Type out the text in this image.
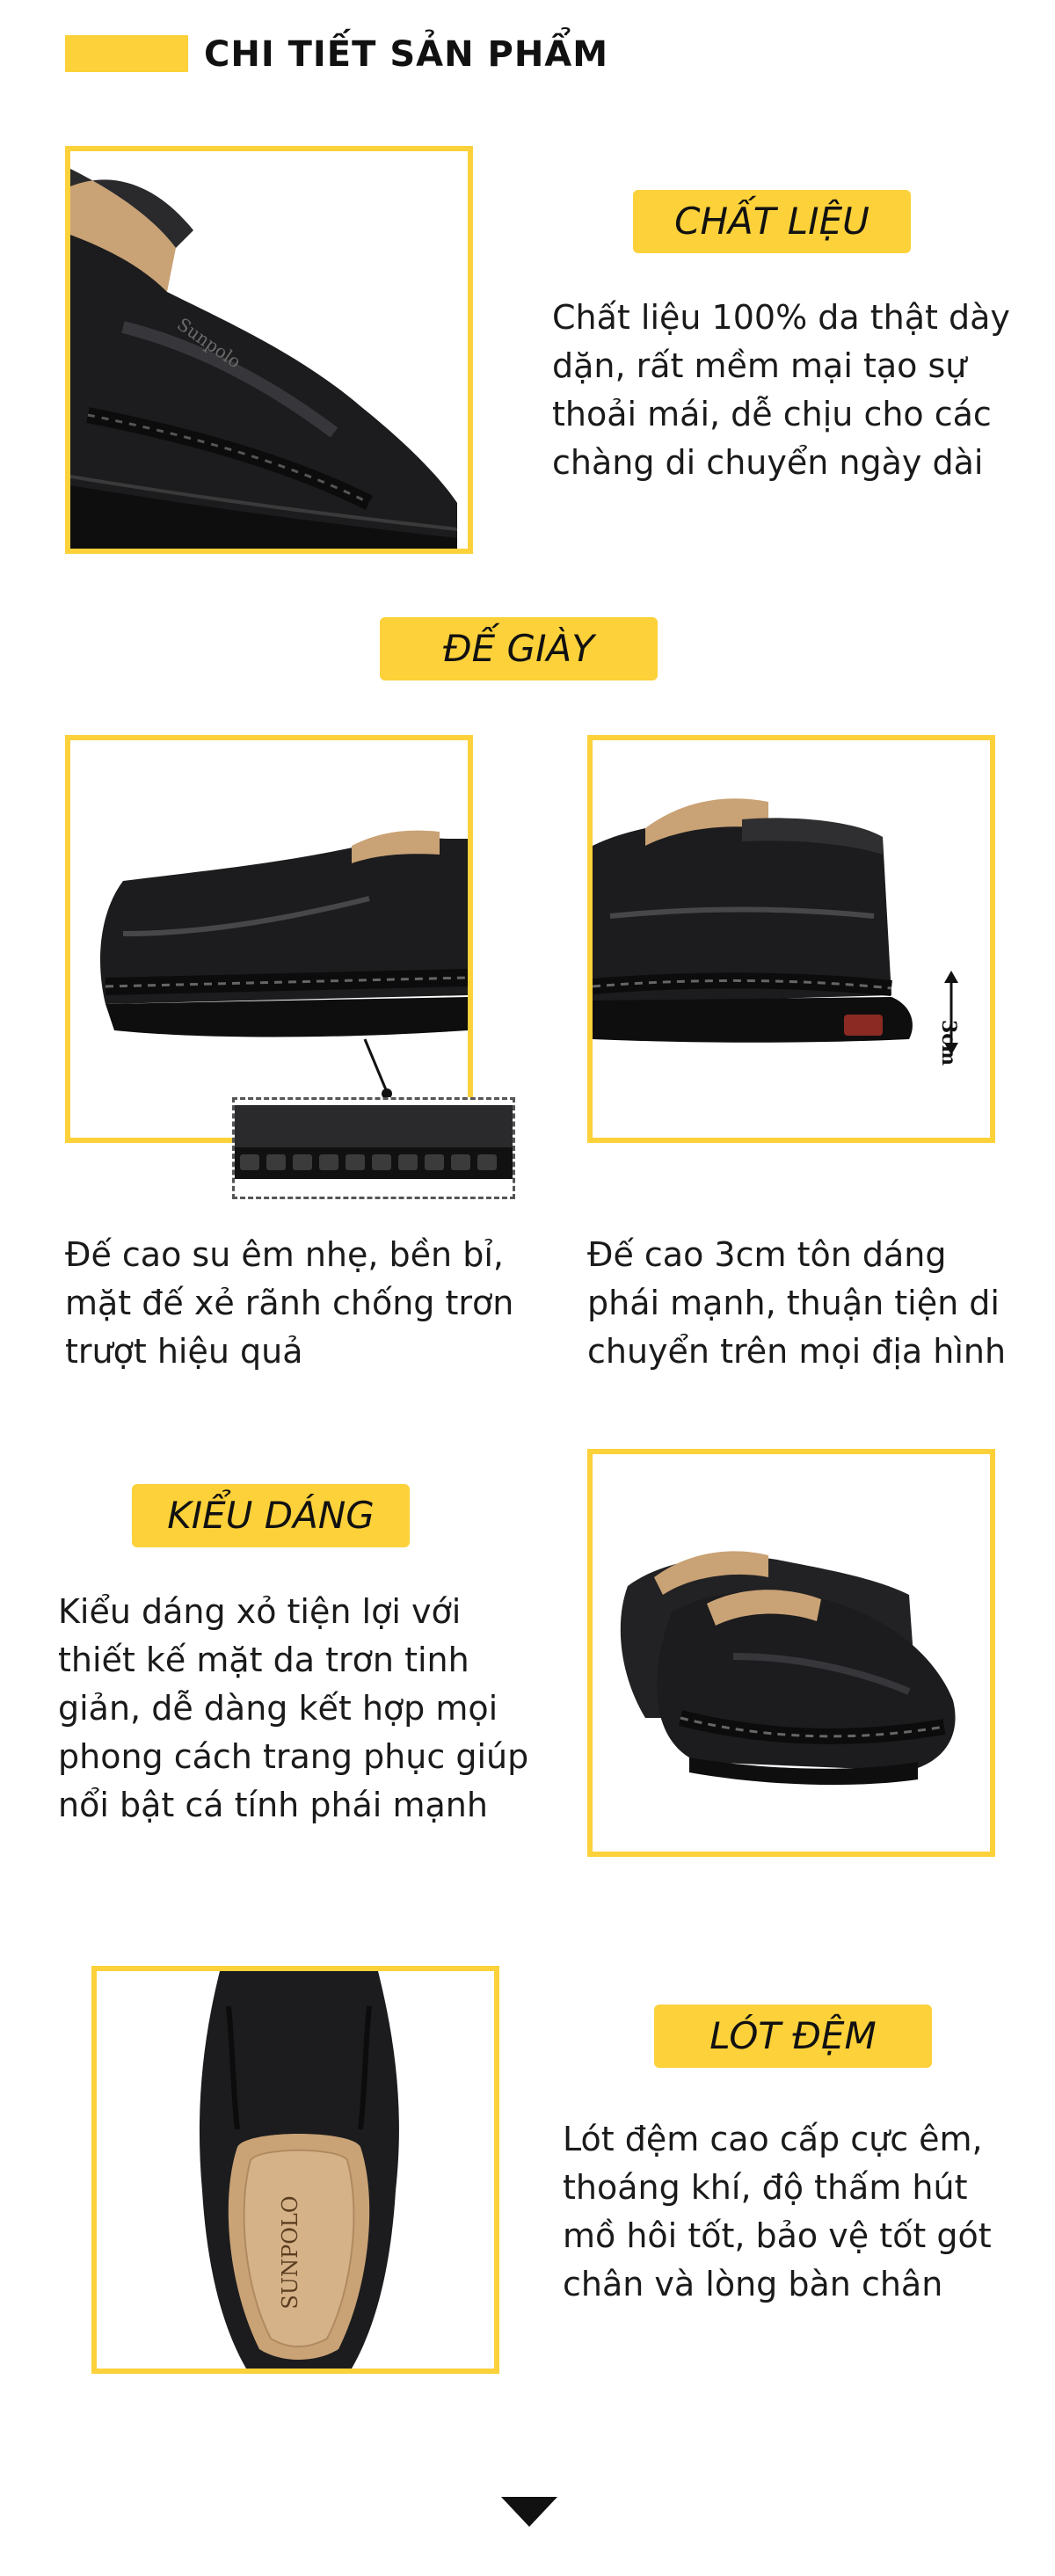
CHI TIẾT SẢN PHẨM
Sunpolo
CHẤT LIỆU
Chất liệu 100% da thật dày
dặn, rất mềm mại tạo sự
thoải mái, dễ chịu cho các
chàng di chuyển ngày dài
ĐẾ GIÀY
3cm
Đế cao su êm nhẹ, bền bỉ,
mặt đế xẻ rãnh chống trơn
trượt hiệu quả
Đế cao 3cm tôn dáng
phái mạnh, thuận tiện di
chuyển trên mọi địa hình
KIỂU DÁNG
Kiểu dáng xỏ tiện lợi với
thiết kế mặt da trơn tinh
giản, dễ dàng kết hợp mọi
phong cách trang phục giúp
nổi bật cá tính phái mạnh
SUNPOLO
LÓT ĐỆM
Lót đệm cao cấp cực êm,
thoáng khí, độ thấm hút
mồ hôi tốt, bảo vệ tốt gót
chân và lòng bàn chân
